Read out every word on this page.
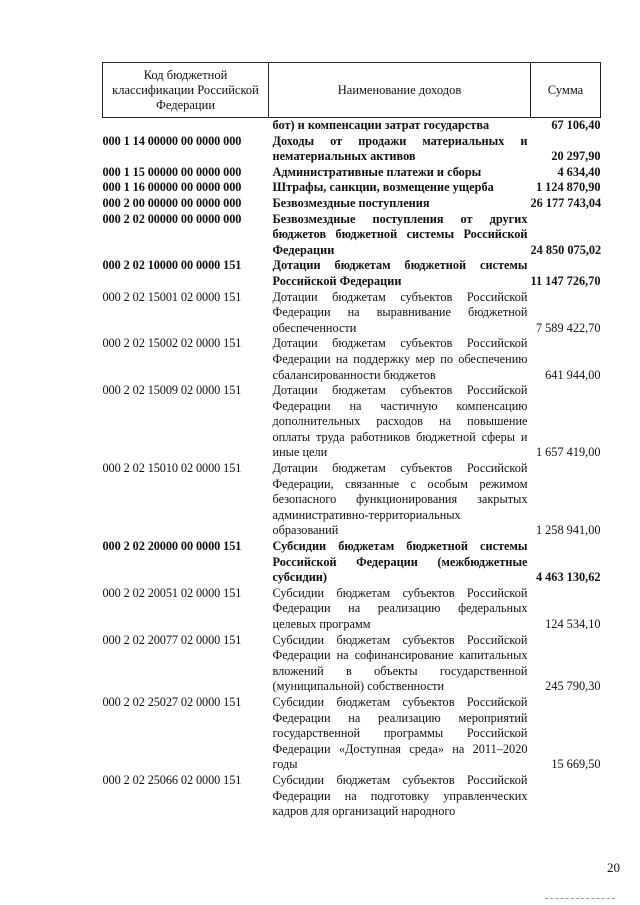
Код бюджетной классификации Российской Федерации	Наименование доходов	Сумма
	бот) и компенсации затрат государства	67 106,40
000 1 14 00000 00 0000 000	Доходы от продажи материальных и нематериальных активов	20 297,90
000 1 15 00000 00 0000 000	Административные платежи и сборы	4 634,40
000 1 16 00000 00 0000 000	Штрафы, санкции, возмещение ущерба	1 124 870,90
000 2 00 00000 00 0000 000	Безвозмездные поступления	26 177 743,04
000 2 02 00000 00 0000 000	Безвозмездные поступления от других бюджетов бюджетной системы Российской Федерации	24 850 075,02
000 2 02 10000 00 0000 151	Дотации бюджетам бюджетной системы Российской Федерации	11 147 726,70
000 2 02 15001 02 0000 151	Дотации бюджетам субъектов Российской Федерации на выравнивание бюджетной обеспеченности	7 589 422,70
000 2 02 15002 02 0000 151	Дотации бюджетам субъектов Российской Федерации на поддержку мер по обеспечению сбалансированности бюджетов	641 944,00
000 2 02 15009 02 0000 151	Дотации бюджетам субъектов Российской Федерации на частичную компенсацию дополнительных расходов на повышение оплаты труда работников бюджетной сферы и иные цели	1 657 419,00
000 2 02 15010 02 0000 151	Дотации бюджетам субъектов Российской Федерации, связанные с особым режимом безопасного функционирования закрытых административно-территориальных образований	1 258 941,00
000 2 02 20000 00 0000 151	Субсидии бюджетам бюджетной системы Российской Федерации (межбюджетные субсидии)	4 463 130,62
000 2 02 20051 02 0000 151	Субсидии бюджетам субъектов Российской Федерации на реализацию федеральных целевых программ	124 534,10
000 2 02 20077 02 0000 151	Субсидии бюджетам субъектов Российской Федерации на софинансирование капитальных вложений в объекты государственной (муниципальной) собственности	245 790,30
000 2 02 25027 02 0000 151	Субсидии бюджетам субъектов Российской Федерации на реализацию мероприятий государственной программы Российской Федерации «Доступная среда» на 2011–2020 годы	15 669,50
000 2 02 25066 02 0000 151	Субсидии бюджетам субъектов Российской Федерации на подготовку управленческих кадров для организаций народного	
20
